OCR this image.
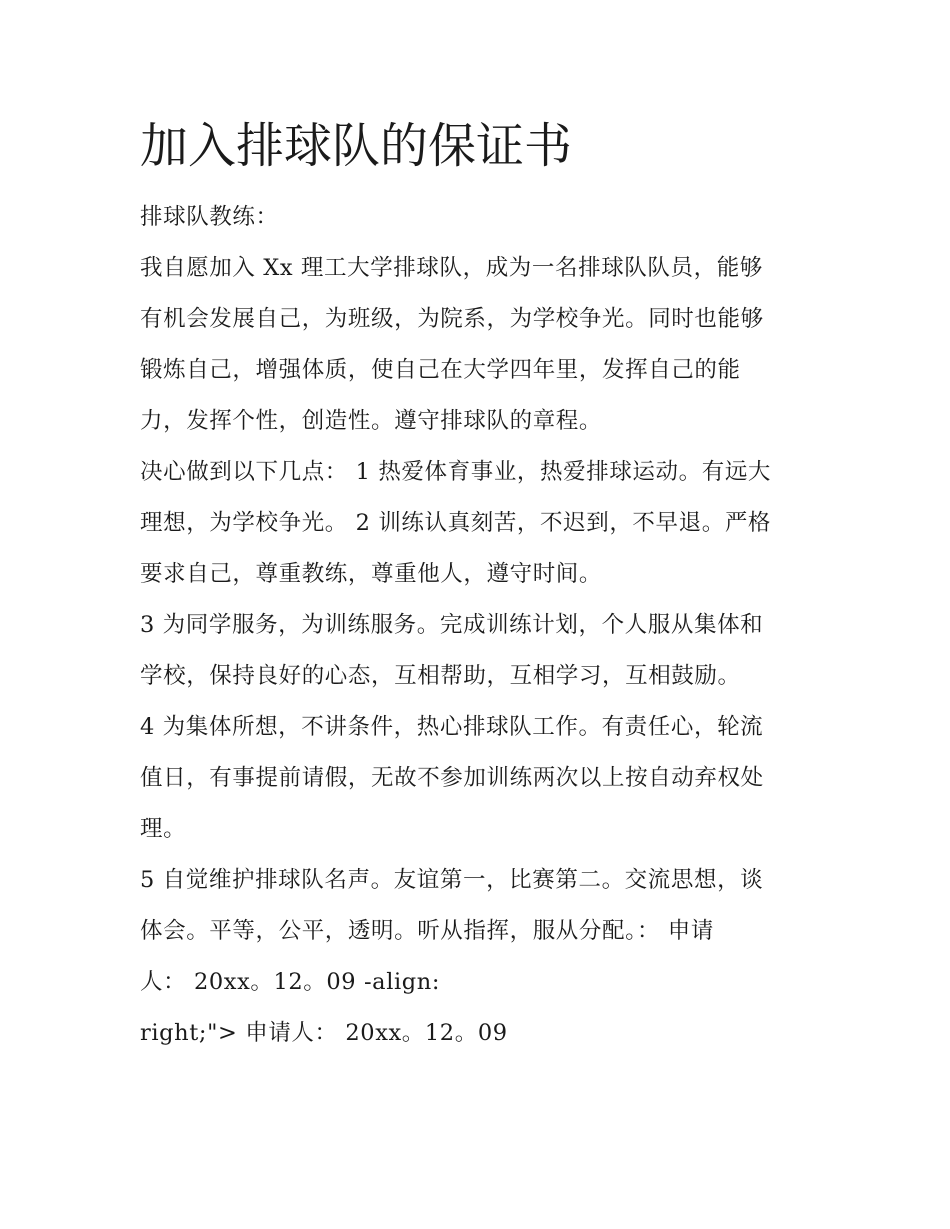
加入排球队的保证书

排球队教练：

我自愿加入 Xx 理工大学排球队，成为一名排球队队员，能够

有机会发展自己，为班级，为院系，为学校争光。同时也能够

锻炼自己，增强体质，使自己在大学四年里，发挥自己的能

力，发挥个性，创造性。遵守排球队的章程。

决心做到以下几点： 1 热爱体育事业，热爱排球运动。有远大

理想，为学校争光。 2 训练认真刻苦，不迟到，不早退。严格

要求自己，尊重教练，尊重他人，遵守时间。

3 为同学服务，为训练服务。完成训练计划，个人服从集体和

学校，保持良好的心态，互相帮助，互相学习，互相鼓励。

4 为集体所想，不讲条件，热心排球队工作。有责任心，轮流

值日，有事提前请假，无故不参加训练两次以上按自动弃权处

理。

5 自觉维护排球队名声。友谊第一，比赛第二。交流思想，谈

体会。平等，公平，透明。听从指挥，服从分配。： 申请

人： 20xx。12。09 -align:

right;"> 申请人： 20xx。12。09
